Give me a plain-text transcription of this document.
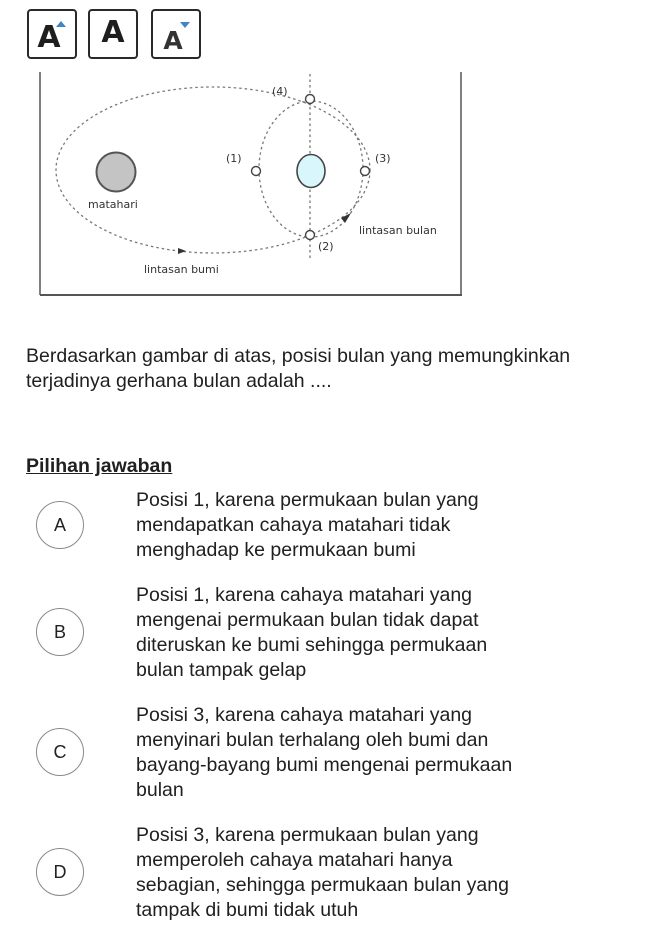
A A A
(4)
(1)	(3)
(2)
matahari
lintasan bumi
lintasan bulan

Berdasarkan gambar di atas, posisi bulan yang memungkinkan terjadinya gerhana bulan adalah ....

Pilihan jawaban
A
Posisi 1, karena permukaan bulan yang
mendapatkan cahaya matahari tidak
menghadap ke permukaan bumi
B
Posisi 1, karena cahaya matahari yang
mengenai permukaan bulan tidak dapat
diteruskan ke bumi sehingga permukaan
bulan tampak gelap
C
Posisi 3, karena cahaya matahari yang
menyinari bulan terhalang oleh bumi dan
bayang-bayang bumi mengenai permukaan
bulan
D
Posisi 3, karena permukaan bulan yang
memperoleh cahaya matahari hanya
sebagian, sehingga permukaan bulan yang
tampak di bumi tidak utuh
